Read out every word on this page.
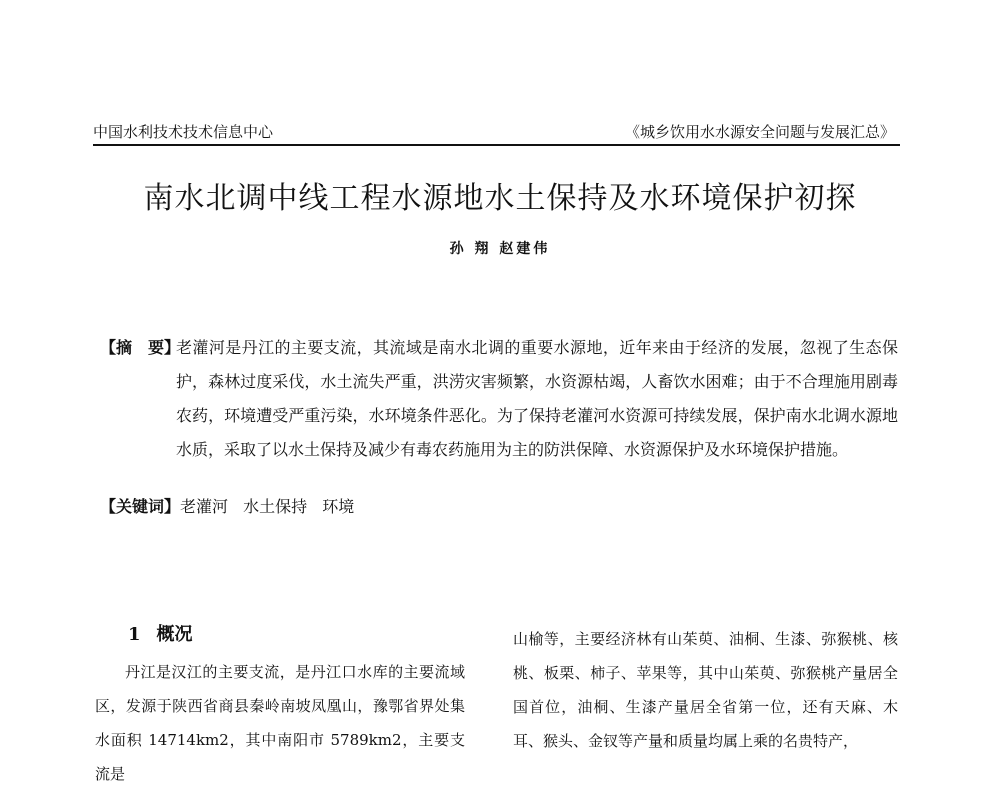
中国水利技术技术信息中心	《城乡饮用水水源安全问题与发展汇总》
南水北调中线工程水源地水土保持及水环境保护初探
孙 翔 赵建伟
【摘　要】
老灌河是丹江的主要支流，其流域是南水北调的重要水源地，近年来由于经济的发展，忽视了生态保护，森林过度采伐，水土流失严重，洪涝灾害频繁，水资源枯竭，人畜饮水困难；由于不合理施用剧毒农药，环境遭受严重污染，水环境条件恶化。为了保持老灌河水资源可持续发展，保护南水北调水源地水质，采取了以水土保持及减少有毒农药施用为主的防洪保障、水资源保护及水环境保护措施。
【关键词】 老灌河 水土保持 环境
1 概况
丹江是汉江的主要支流，是丹江口水库的主要流域区，发源于陕西省商县秦岭南坡凤凰山，豫鄂省界处集水面积 14714km2，其中南阳市 5789km2，主要支流是
山榆等，主要经济林有山茱萸、油桐、生漆、弥猴桃、核桃、板栗、柿子、苹果等，其中山茱萸、弥猴桃产量居全国首位，油桐、生漆产量居全省第一位，还有天麻、木耳、猴头、金钗等产量和质量均属上乘的名贵特产，
